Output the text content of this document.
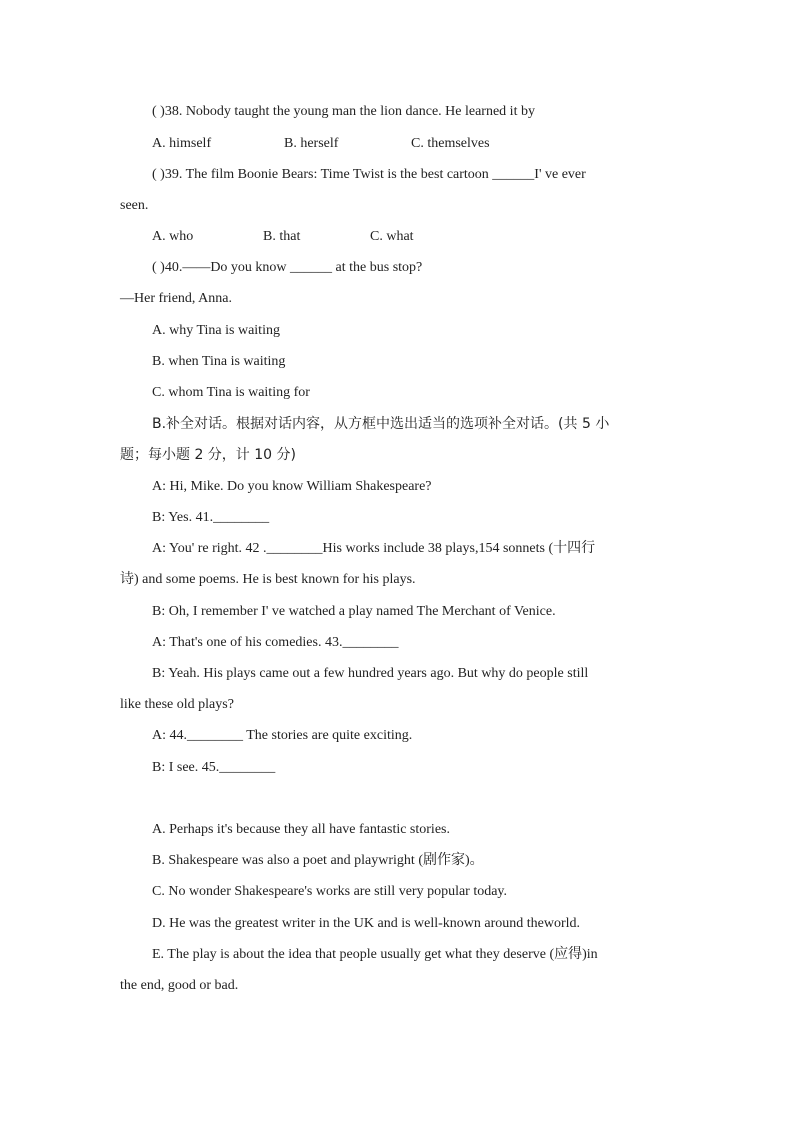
( )38. Nobody taught the young man the lion dance. He learned it by
A. himself	B. herself	C. themselves
( )39. The film Boonie Bears: Time Twist is the best cartoon ______I' ve ever
seen.
A. who	B. that	C. what
( )40.——Do you know ______ at the bus stop?
—Her friend, Anna.
A. why Tina is waiting
B. when Tina is waiting
C. whom Tina is waiting for
B.补全对话。根据对话内容，从方框中选出适当的选项补全对话。(共 5 小
题；每小题 2 分，计 10 分)
A: Hi, Mike. Do you know William Shakespeare?
B: Yes. 41.________
A: You' re right. 42 .________His works include 38 plays,154 sonnets (十四行
诗) and some poems. He is best known for his plays.
B: Oh, I remember I' ve watched a play named The Merchant of Venice.
A: That's one of his comedies. 43.________
B: Yeah. His plays came out a few hundred years ago. But why do people still
like these old plays?
A: 44.________ The stories are quite exciting.
B: I see. 45.________
A. Perhaps it's because they all have fantastic stories.
B. Shakespeare was also a poet and playwright (剧作家)。
C. No wonder Shakespeare's works are still very popular today.
D. He was the greatest writer in the UK and is well-known around theworld.
E. The play is about the idea that people usually get what they deserve (应得)in
the end, good or bad.
